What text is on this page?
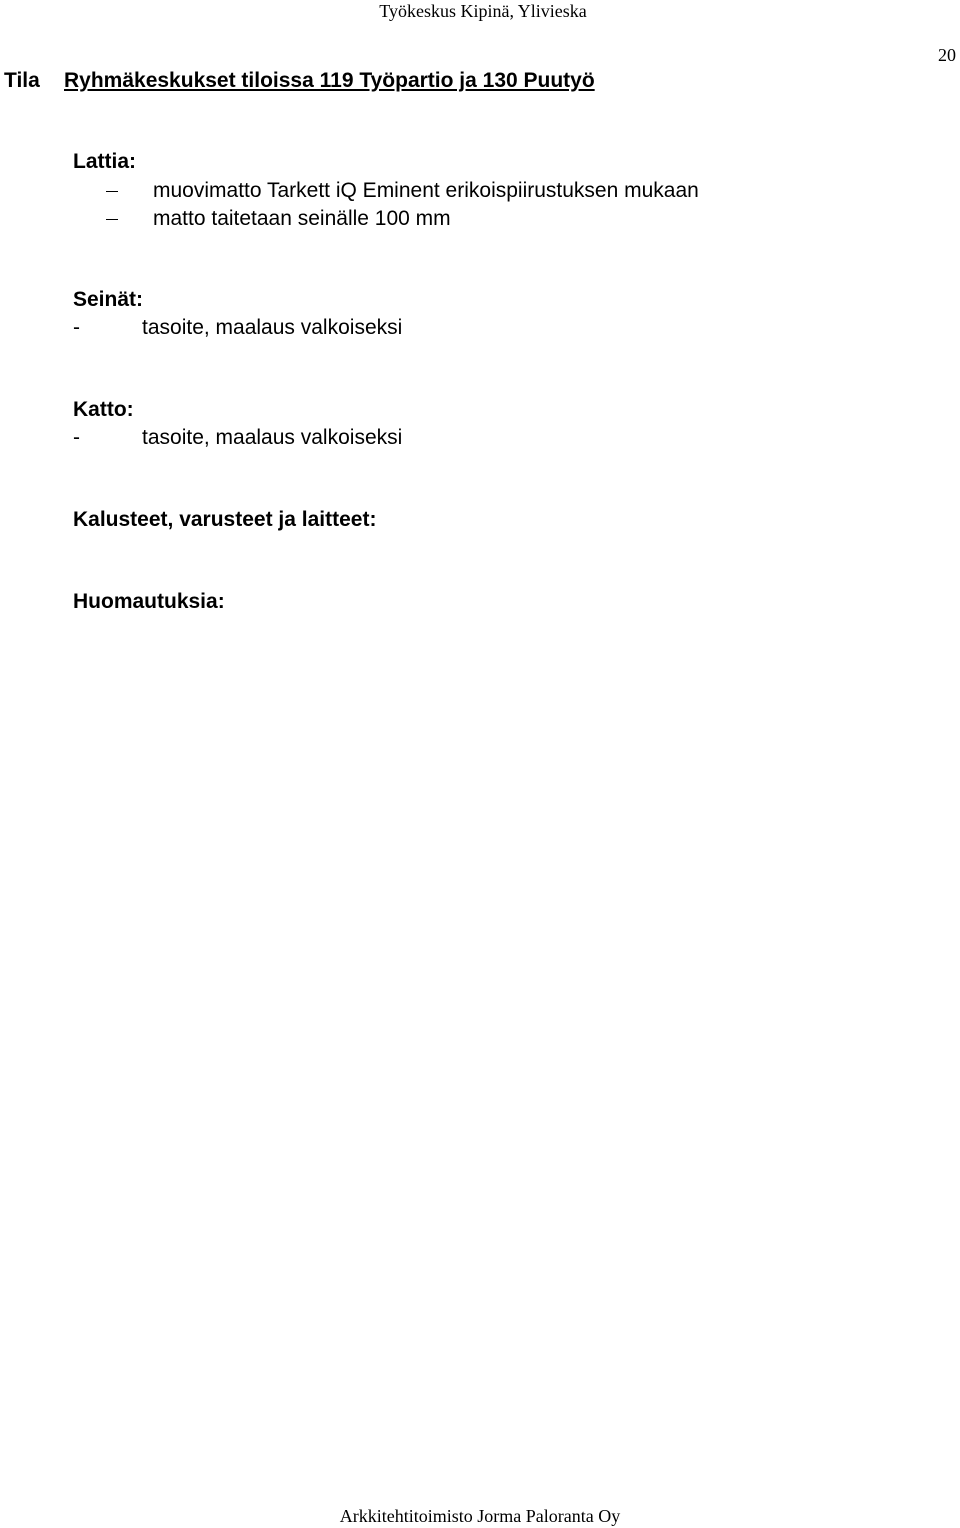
Työkeskus Kipinä, Ylivieska
20
Tila Ryhmäkeskukset tiloissa 119 Työpartio ja 130 Puutyö
Lattia:
muovimatto Tarkett iQ Eminent erikoispiirustuksen mukaan
matto taitetaan seinälle 100 mm
Seinät:
-	tasoite, maalaus valkoiseksi
Katto:
-	tasoite, maalaus valkoiseksi
Kalusteet, varusteet ja laitteet:
Huomautuksia:
Arkkitehtitoimisto Jorma Paloranta Oy
